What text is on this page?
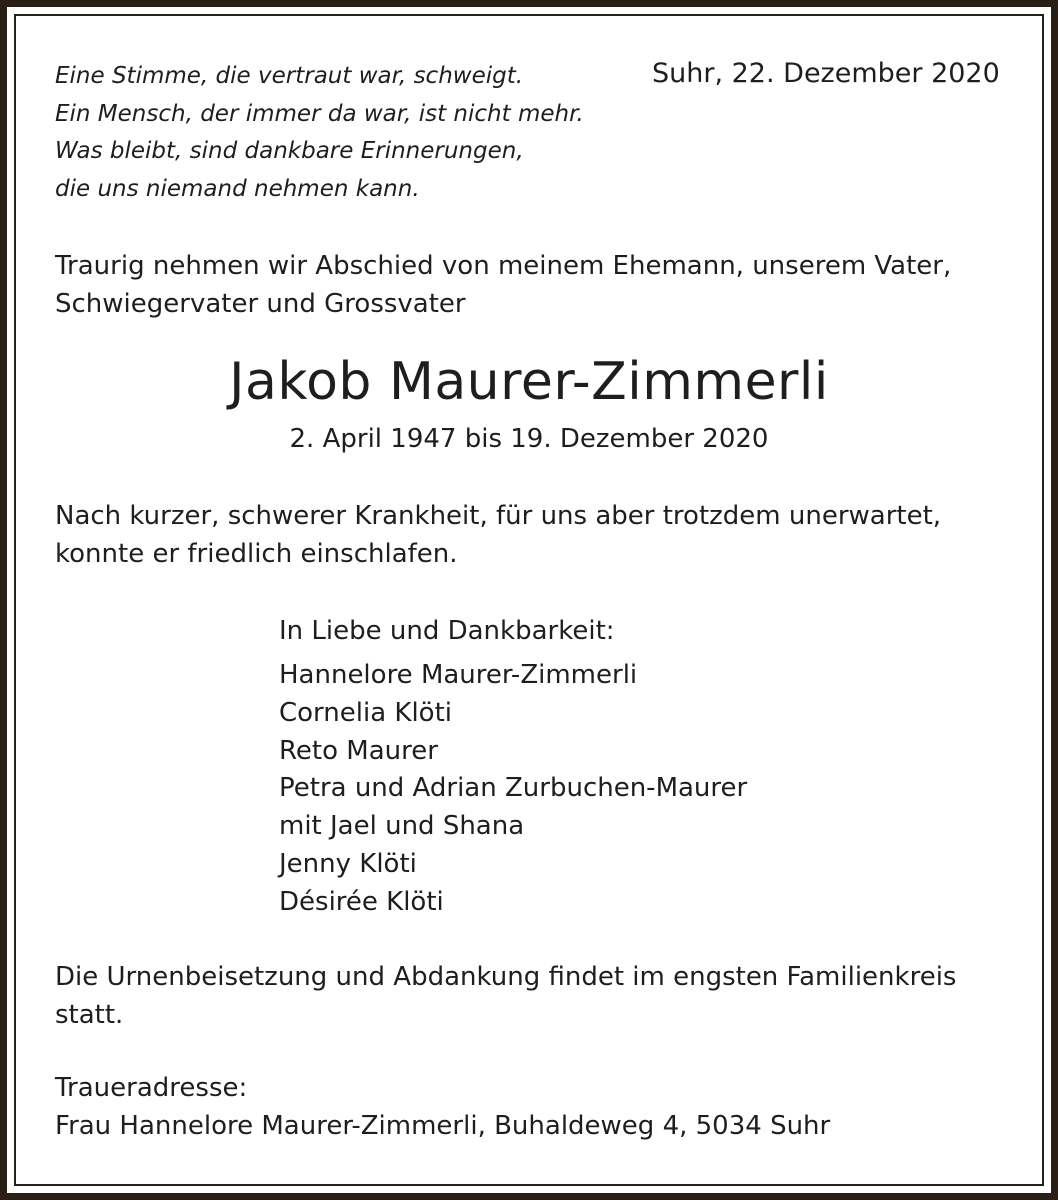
Eine Stimme, die vertraut war, schweigt.
Ein Mensch, der immer da war, ist nicht mehr.
Was bleibt, sind dankbare Erinnerungen,
die uns niemand nehmen kann.

Suhr, 22. Dezember 2020

Traurig nehmen wir Abschied von meinem Ehemann, unserem Vater,
Schwiegervater und Grossvater
Jakob Maurer-Zimmerli

2. April 1947 bis 19. Dezember 2020

Nach kurzer, schwerer Krankheit, für uns aber trotzdem unerwartet,
konnte er friedlich einschlafen.

In Liebe und Dankbarkeit:

Hannelore Maurer-Zimmerli
Cornelia Klöti
Reto Maurer
Petra und Adrian Zurbuchen-Maurer
mit Jael und Shana
Jenny Klöti
Désirée Klöti
Die Urnenbeisetzung und Abdankung findet im engsten Familienkreis
statt.
Traueradresse:
Frau Hannelore Maurer-Zimmerli, Buhaldeweg 4, 5034 Suhr
